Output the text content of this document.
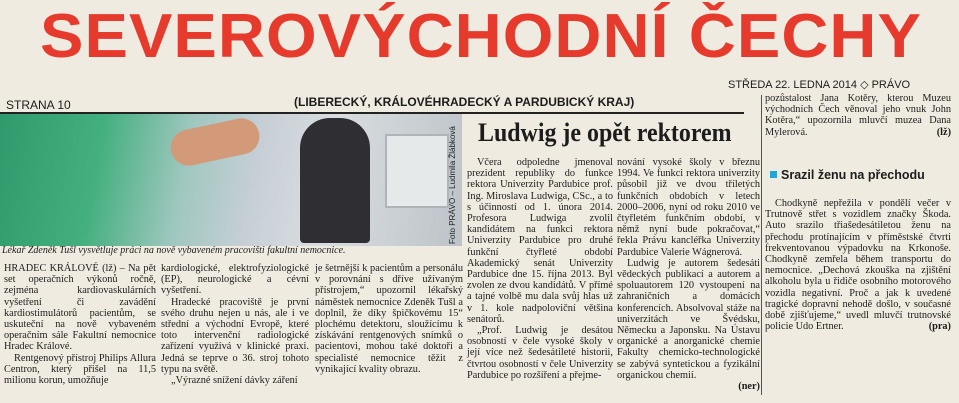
SEVEROVÝCHODNÍ ČECHY
STŘEDA 22. LEDNA 2014 ◇ PRÁVO
STRANA 10	(LIBERECKÝ, KRÁLOVÉHRADECKÝ A PARDUBICKÝ KRAJ)
Foto PRÁVO – Ludmila Žlábková
Lékař Zdeněk Tušl vysvětluje práci na nově vybaveném pracovišti fakultní nemocnice.

HRADEC KRÁLOVÉ (lž) – Na pět set operačních výkonů ročně, zejména kardiovaskulárních vyšetření či zavádění kardiostimulátorů pacientům, se uskuteční na nově vybaveném operačním sále Fakultní nemocnice Hradec Králové.

Rentgenový přístroj Philips Allura Centron, který přišel na 11,5 milionu korun, umožňuje

kardiologické, elektrofyziologické (EP), neurologické a cévní vyšetření.

Hradecké pracoviště je první svého druhu nejen u nás, ale i ve střední a východní Evropě, které toto intervenční radiologické zařízení využívá v klinické praxi. Jedná se teprve o 36. stroj tohoto typu na světě.

„Výrazné snížení dávky záření

je šetrnější k pacientům a personálu v porovnání s dříve užívaným přístrojem,“ upozornil lékařský náměstek nemocnice Zdeněk Tušl a doplnil, že díky špičkovému 15“ plochému detektoru, sloužícímu k získávání rentgenových snímků o pacientovi, mohou také doktoři a specialisté nemocnice těžit z vynikající kvality obrazu.

Ludwig je opět rektorem

Včera odpoledne jmenoval prezident republiky do funkce rektora Univerzity Pardubice prof. Ing. Miroslava Ludwiga, CSc., a to s účinností od 1. února 2014. Profesora Ludwiga zvolil kandidátem na funkci rektora Univerzity Pardubice pro druhé funkční čtyřleté období Akademický senát Univerzity Pardubice dne 15. října 2013. Byl zvolen ze dvou kandidátů. V přímé a tajné volbě mu dala svůj hlas už v 1. kole nadpoloviční většina senátorů.

„Prof. Ludwig je desátou osobností v čele vysoké školy v její více než šedesátileté historii, čtvrtou osobností v čele Univerzity Pardubice po rozšíření a přejme-

nování vysoké školy v březnu 1994. Ve funkci rektora univerzity působil již ve dvou tříletých funkčních obdobích v letech 2000–2006, nyní od roku 2010 ve čtyřletém funkčním období, v němž nyní bude pokračovat,“ řekla Právu kancléřka Univerzity Pardubice Valerie Wágnerová.

Ludwig je autorem šedesáti vědeckých publikací a autorem a spoluautorem 120 vystoupení na zahraničních a domácích konferencích. Absolvoval stáže na univerzitách ve Švédsku, Německu a Japonsku. Na Ústavu organické a anorganické chemie Fakulty chemicko-technologické se zabývá syntetickou a fyzikální organickou chemií.

(ner)

pozůstalost Jana Kotěry, kterou Muzeu východních Čech věnoval jeho vnuk John Kotěra,“ upozornila mluvčí muzea Dana Mylerová.	(lž)

Srazil ženu na přechodu

Chodkyně nepřežila v pondělí večer v Trutnově střet s vozidlem značky Škoda. Auto srazilo třiašedesátiletou ženu na přechodu protínajícím v příměstské čtvrti frekventovanou výpadovku na Krkonoše. Chodkyně zemřela během transportu do nemocnice. „Dechová zkouška na zjištění alkoholu byla u řidiče osobního motorového vozidla negativní. Proč a jak k uvedené tragické dopravní nehodě došlo, v současné době zjišťujeme,“ uvedl mluvčí trutnovské policie Udo Ertner.	(pra)
